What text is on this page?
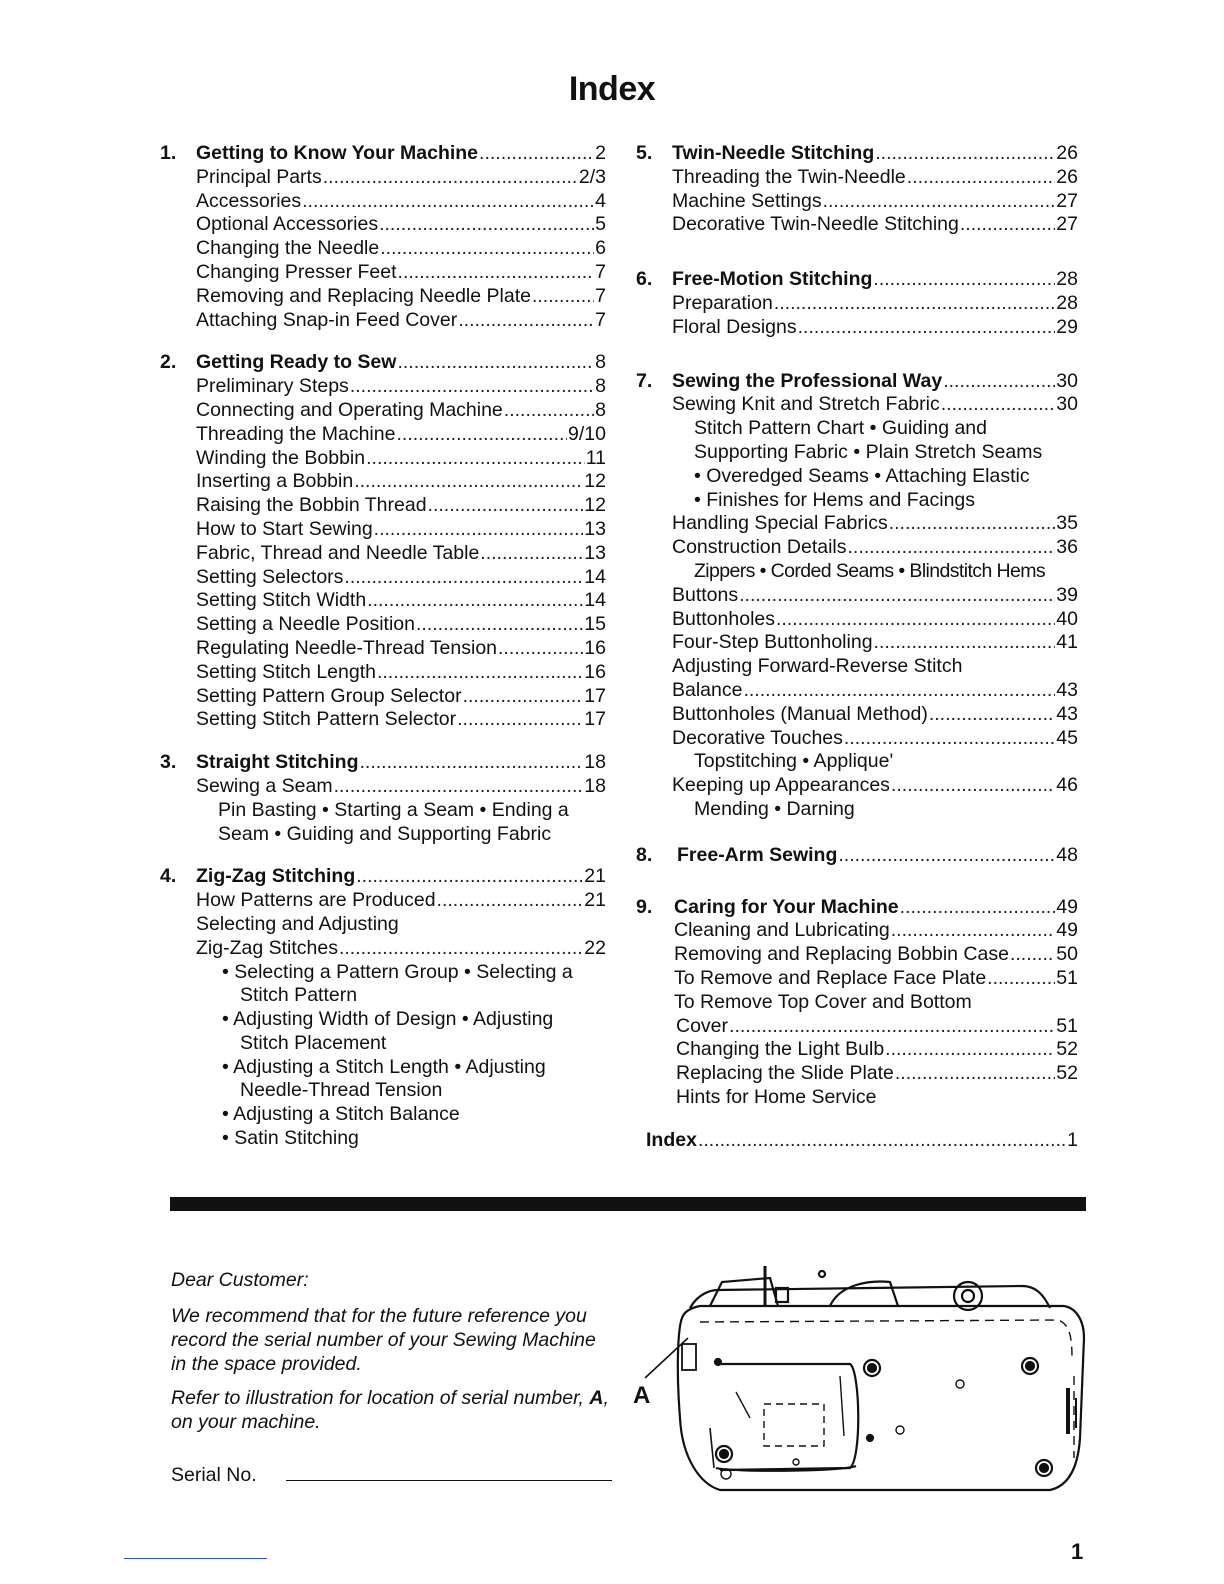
Index
1.	Getting to Know Your Machine .....	2
Principal Parts .....	2/3
Accessories .....	4
Optional Accessories .....	5
Changing the Needle .....	6
Changing Presser Feet .....	7
Removing and Replacing Needle Plate .....	7
Attaching Snap-in Feed Cover .....	7
2.	Getting Ready to Sew .....	8
Preliminary Steps .....	8
Connecting and Operating Machine .....	8
Threading the Machine .....	9/10
Winding the Bobbin .....	11
Inserting a Bobbin .....	12
Raising the Bobbin Thread .....	12
How to Start Sewing .....	13
Fabric, Thread and Needle Table .....	13
Setting Selectors .....	14
Setting Stitch Width .....	14
Setting a Needle Position .....	15
Regulating Needle-Thread Tension .....	16
Setting Stitch Length .....	16
Setting Pattern Group Selector .....	17
Setting Stitch Pattern Selector .....	17
3.	Straight Stitching .....	18
Sewing a Seam .....	18
Pin Basting • Starting a Seam • Ending a
Seam • Guiding and Supporting Fabric
4.	Zig-Zag Stitching .....	21
How Patterns are Produced .....	21
Selecting and Adjusting
Zig-Zag Stitches .....	22
• Selecting a Pattern Group • Selecting a
Stitch Pattern
• Adjusting Width of Design • Adjusting
Stitch Placement
• Adjusting a Stitch Length • Adjusting
Needle-Thread Tension
• Adjusting a Stitch Balance
• Satin Stitching
5.	Twin-Needle Stitching .....	26
Threading the Twin-Needle .....	26
Machine Settings .....	27
Decorative Twin-Needle Stitching .....	27
6.	Free-Motion Stitching .....	28
Preparation .....	28
Floral Designs .....	29
7.	Sewing the Professional Way .....	30
Sewing Knit and Stretch Fabric .....	30
Stitch Pattern Chart • Guiding and
Supporting Fabric • Plain Stretch Seams
• Overedged Seams • Attaching Elastic
• Finishes for Hems and Facings
Handling Special Fabrics .....	35
Construction Details .....	36
Zippers • Corded Seams • Blindstitch Hems
Buttons .....	39
Buttonholes .....	40
Four-Step Buttonholing .....	41
Adjusting Forward-Reverse Stitch
Balance .....	43
Buttonholes (Manual Method) .....	43
Decorative Touches .....	45
Topstitching • Applique'
Keeping up Appearances .....	46
Mending • Darning
8.	Free-Arm Sewing .....	48
9.	Caring for Your Machine .....	49
Cleaning and Lubricating .....	49
Removing and Replacing Bobbin Case ..... 50
To Remove and Replace Face Plate .....	51
To Remove Top Cover and Bottom
Cover .....	51
Changing the Light Bulb .....	52
Replacing the Slide Plate .....	52
Hints for Home Service
Index .....	1

Dear Customer:

We recommend that for the future reference you record the serial number of your Sewing Machine in the space provided.

Refer to illustration for location of serial number, A, on your machine.

Serial No.
A
1
